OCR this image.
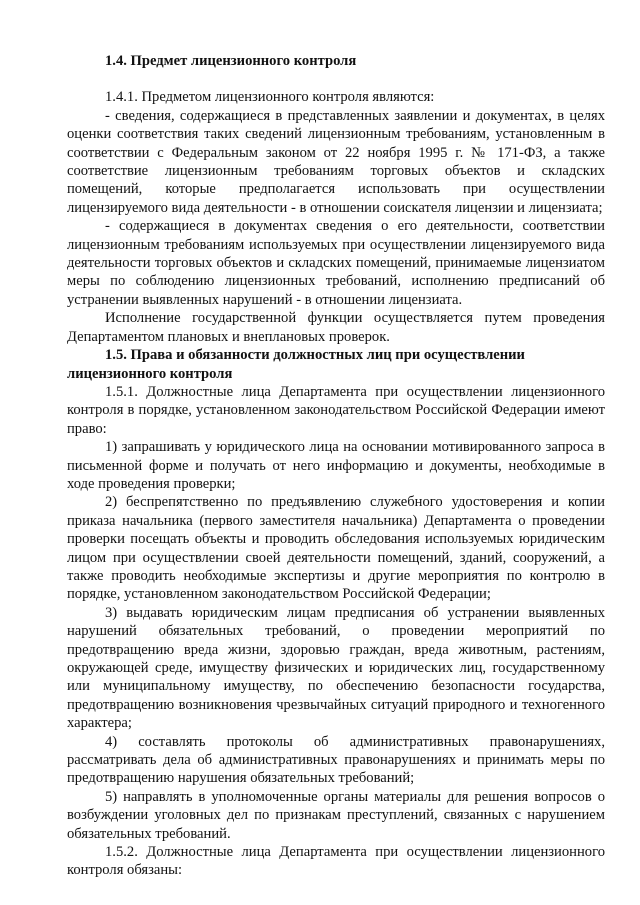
1.4. Предмет лицензионного контроля

1.4.1. Предметом лицензионного контроля являются:

- сведения, содержащиеся в представленных заявлении и документах, в целях оценки соответствия таких сведений лицензионным требованиям, установленным в соответствии с Федеральным законом от 22 ноября 1995 г. № 171-ФЗ, а также соответствие лицензионным требованиям торговых объектов и складских помещений, которые предполагается использовать при осуществлении лицензируемого вида деятельности - в отношении соискателя лицензии и лицензиата;

- содержащиеся в документах сведения о его деятельности, соответствии лицензионным требованиям используемых при осуществлении лицензируемого вида деятельности торговых объектов и складских помещений, принимаемые лицензиатом меры по соблюдению лицензионных требований, исполнению предписаний об устранении выявленных нарушений - в отношении лицензиата.

Исполнение государственной функции осуществляется путем проведения Департаментом плановых и внеплановых проверок.

1.5. Права и обязанности должностных лиц при осуществлении лицензионного контроля

1.5.1. Должностные лица Департамента при осуществлении лицензионного контроля в порядке, установленном законодательством Российской Федерации имеют право:

1) запрашивать у юридического лица на основании мотивированного запроса в письменной форме и получать от него информацию и документы, необходимые в ходе проведения проверки;

2) беспрепятственно по предъявлению служебного удостоверения и копии приказа начальника (первого заместителя начальника) Департамента о проведении проверки посещать объекты и проводить обследования используемых юридическим лицом при осуществлении своей деятельности помещений, зданий, сооружений, а также проводить необходимые экспертизы и другие мероприятия по контролю в порядке, установленном законодательством Российской Федерации;

3) выдавать юридическим лицам предписания об устранении выявленных нарушений обязательных требований, о проведении мероприятий по предотвращению вреда жизни, здоровью граждан, вреда животным, растениям, окружающей среде, имуществу физических и юридических лиц, государственному или муниципальному имуществу, по обеспечению безопасности государства, предотвращению возникновения чрезвычайных ситуаций природного и техногенного характера;

4) составлять протоколы об административных правонарушениях, рассматривать дела об административных правонарушениях и принимать меры по предотвращению нарушения обязательных требований;

5) направлять в уполномоченные органы материалы для решения вопросов о возбуждении уголовных дел по признакам преступлений, связанных с нарушением обязательных требований.

1.5.2. Должностные лица Департамента при осуществлении лицензионного контроля обязаны:
